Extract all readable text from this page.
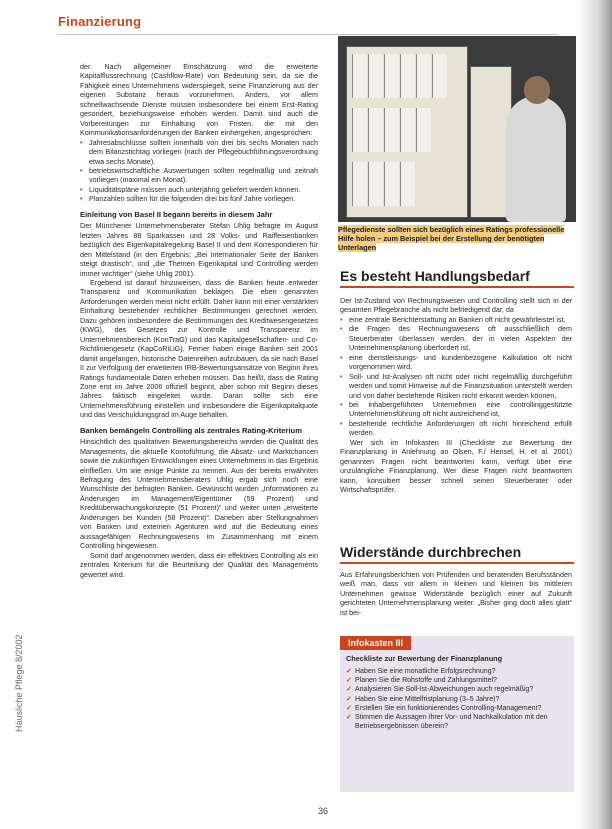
Finanzierung
Häusliche Pflege 8/2002

der. Nach allgemeiner Einschätzung wird die erweiterte Kapitalflussrechnung (Cashflow-Rate) von Bedeutung sein, da sie die Fähigkeit eines Unternehmens widerspiegelt, seine Finanzierung aus der eigenen Substanz heraus vorzunehmen. Anders, vor allem schnellwachsende Dienste müssen insbesondere bei einem Erst-Rating gesondert, beziehungsweise erhoben werden. Damit sind auch die Vorbereitungen zur Einhaltung von Fristen, die mit den Kommunikationsanforderungen der Banken einhergehen, angesprochen:

• Jahresabschlüsse sollten innerhalb von drei bis sechs Monaten nach dem Bilanzstichtag vorliegen (nach der Pflegebuchführungsverordnung etwa sechs Monate).
• betriebswirtschaftliche Auswertungen sollten regelmäßig und zeitnah vorliegen (maximal ein Monat).
• Liquiditätspläne müssen auch unterjährig geliefert werden können.
• Planzahlen sollten für die folgenden drei bis fünf Jahre vorliegen.
Einleitung von Basel II begann bereits in diesem Jahr

Der Münchener Unternehmensberater Stefan Uhlig befragte im August letzten Jahres 88 Sparkassen und 28 Volks- und Raiffeisenbanken bezüglich des Eigenkapitalregelung Basel II und dem Korrespondieren für den Mittelstand (in den Ergebnis: „Bei internationaler Seite der Banken steigt drastisch“, und „die Themen Eigenkapital und Controlling werden immer wichtiger“ (siehe Uhlig 2001).

Ergebend ist darauf hinzuweisen, dass die Banken heute entweder Transparenz und Kommunikation beklagen. Die eben genannten Anforderungen werden meist nicht erfüllt. Daher kann mit einer verstärkten Einhaltung bestehender rechtlicher Bestimmungen gerechnet werden. Dazu gehören insbesondere die Bestimmungen des Kreditwesengesetzes (KWG), des Gesetzes zur Kontrolle und Transparenz im Unternehmensbereich (KonTraG) und das Kapitalgesellschaften- und Co-Richtliniengesetz (KapCoRiLiG). Ferner haben einige Banken seit 2001 damit angefangen, historische Datenreihen aufzubauen, da sie nach Basel II zur Verfolgung der erweiterten IRB-Bewertungsansätze von Beginn ihres Ratings fundamentale Daten erheben müssen. Das heißt, dass die Rating Zone erst im Jahre 2006 offiziell beginnt, aber schon mit Beginn dieses Jahres faktisch eingeleitet wurde. Daran sollte sich eine Unternehmensführung einstellen und insbesondere die Eigenkapitalquote und das Verschuldungsgrad im Auge behalten.

Banken bemängeln Controlling als zentrales Rating-Kriterium

Hinsichtlich des qualitativen Bewertungsbereichs werden die Qualität des Managements, die aktuelle Kontoführung, die Absatz- und Marktchancen sowie die zukünftigen Entwicklungen eines Unternehmens in das Ergebnis einfließen. Um wie einige Punkte zu nennen. Aus der bereits erwähnten Befragung des Unternehmensberaters Uhlig ergab sich noch eine Wunschliste der befragten Banken. Gewünscht wurden „Informationen zu Änderungen im Management/Eigentümer (59 Prozent) und Kreditüberwachungskonzepte (51 Prozent)“ und weiter unten „erweiterte Änderungen bei Kunden (58 Prozent)“. Daneben aber Stellungnahmen von Banken und externen Agenturen wird auf die Bedeutung eines aussagefähigen Rechnungswesens im Zusammenhang mit einem Controlling hingewiesen.

Somit darf angenommen werden, dass ein effektives Controlling als ein zentrales Kriterium für die Beurteilung der Qualität des Managements gewertet wird.

Pflegedienste sollten sich bezüglich eines Ratings professionelle Hilfe holen – zum Beispiel bei der Erstellung der benötigten Unterlagen
Es besteht Handlungsbedarf

Der Ist-Zustand von Rechnungswesen und Controlling stellt sich in der gesamten Pflegebranche als nicht befriedigend dar, da

• eine zentrale Berichterstattung an Banken oft nicht gewährleistet ist,
• die Fragen des Rechnungswesens oft ausschließlich dem Steuerberater überlassen werden, der in vielen Aspekten der Unternehmensplanung überfordert ist,
• eine dienstleistungs- und kundenbezogene Kalkulation oft nicht vorgenommen wird,
• Soll- und Ist-Analysen oft nicht oder nicht regelmäßig durchgeführt werden und somit Hinweise auf die Finanzsituation unterstellt werden und von daher bestehende Risiken nicht erkannt werden können,
• bei inhabergeführten Unternehmen eine controllinggestützte Unternehmensführung oft nicht ausreichend ist,
• bestehende rechtliche Anforderungen oft nicht hinreichend erfüllt werden.

Wer sich im Infokasten III (Checkliste zur Bewertung der Finanzplanung in Anlehnung an Olsen, F./ Hensel, H. et al. 2001) genannten Fragen nicht beantworten kann, verfügt über eine unzulängliche Finanzplanung. Wer diese Fragen nicht beantworten kann, konsultiert besser schnell seinen Steuerberater oder Wirtschaftsprüfer.

Widerstände durchbrechen

Aus Erfahrungsberichten von Prüfenden und beratenden Berufsständen weiß man, dass vor allem in kleinen und kleinen bis mittleren Unternehmen gewisse Widerstände bezüglich einer auf Zukunft gerichteten Unternehmensplanung weiter. „Bisher ging doch alles glatt“ ist bei-

Infokasten III
Checkliste zur Bewertung der Finanzplanung
✓ Haben Sie eine monatliche Erfolgsrechnung?
✓ Planen Sie die Rohstoffe und Zahlungsmittel?
✓ Analysieren Sie Soll-Ist-Abweichungen auch regelmäßig?
✓ Haben Sie eine Mittelfristplanung (3–5 Jahre)?
✓ Erstellen Sie ein funktionierendes Controlling-Management?
✓ Stimmen die Aussagen Ihrer Vor- und Nachkalkulation mit den Betriebsergebnissen überein?
36
